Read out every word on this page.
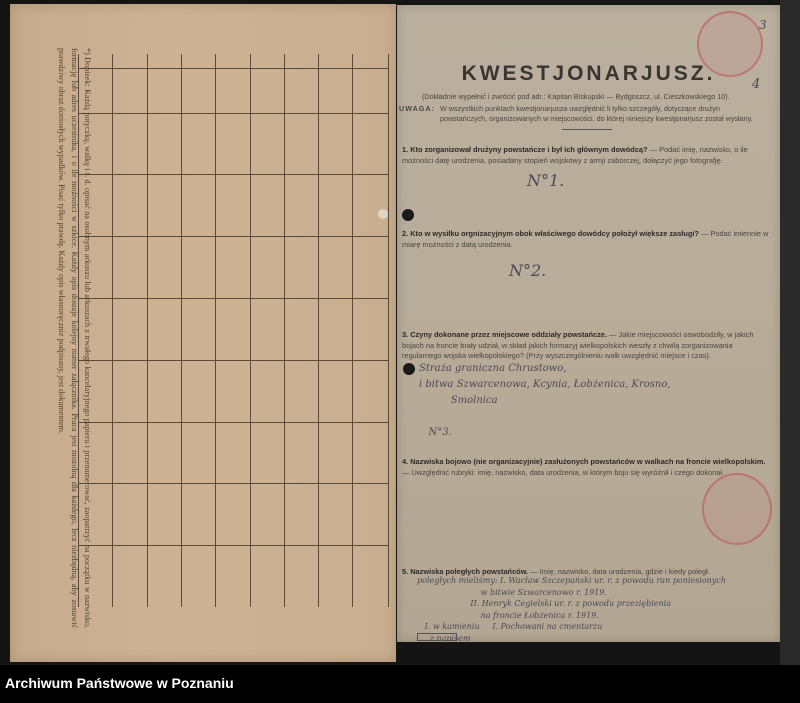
*) Dopisek: Każdą potyczkę, walkę i t. d. opisać na osobnym arkuszu lub arkuszach z trwałego kancelaryjnego papieru i przenumerować, zaopatrzyć na początku w nazwisko, formację lub adres uczestnika, i o ile możności w szkice. Każdy opis dostaje kolejny numer załącznika. Praca jest mozolną dla każdego, lecz niezbędną, aby zostawić prawdziwy obraz doniosłych wypadków. Pisać tylko prawdę. Każdy opis własnoręcznie podpisany, jest dokumentem.
3
4
KWESTJONARJUSZ.
(Dokładnie wypełnić i zwrócić pod adr.: Kapitan Biskupski — Bydgoszcz, ul. Cieszkowskiego 10).
UWAGA: W wszystkich punktach kwestjonarjusza uwzględnić li tylko szczegóły, dotyczące drużyn powstańczych, organizowanych w miejscowości, do której niniejszy kwestjonarjusz został wysłany.
1. Kto zorganizował drużyny powstańcze i był ich głównym dowódcą? — Podać imię, nazwisko, o ile możności datę urodzenia, posiadany stopień wojskowy z armji zaborczej, dołączyć jego fotografję.
N°1.
2. Kto w wysiłku orgnizacyjnym obok właściwego dowódcy położył większe zasługi? — Podać imiennie w miarę możności z datą urodzenia.
N°2.
3. Czyny dokonane przez miejscowe oddziały powstańcze. — Jakie miejscowości oswobodziły, w jakich bojach na froncie brały udział, w skład jakich formacyj wielkopolskich weszły z chwilą zorganizowania regularnego wojska wielkopolskiego? (Przy wyszczególnieniu walk uwzględnić miejsce i czas).
Straża graniczna Chrustowo,
i bitwa Szwarcenowa, Kcynia, Łobżenica, Krosno,
Smolnica

N°3.
4. Nazwiska bojowo (nie organizacyjnie) zasłużonych powstańców w walkach na froncie wielkopolskim. — Uwzględnić rubryki: imię, nazwisko, data urodzenia, w którym boju się wyróżnił i czego dokonał.
5. Nazwiska poległych powstańców. — Imię, nazwisko, data urodzenia, gdzie i kiedy poległ.
poległych mieliśmy: I. Wacław Szczepański ur. r. z powodu ran poniesionych
w bitwie Szwarcenowo r. 1919.
II. Henryk Cegielski ur. r. z powodu przeziębienia
na froncie Łobżenica r. 1919.
I. w kamieniu     I. Pochowani na cmentarzu
z napisem
Archiwum Państwowe w Poznaniu
